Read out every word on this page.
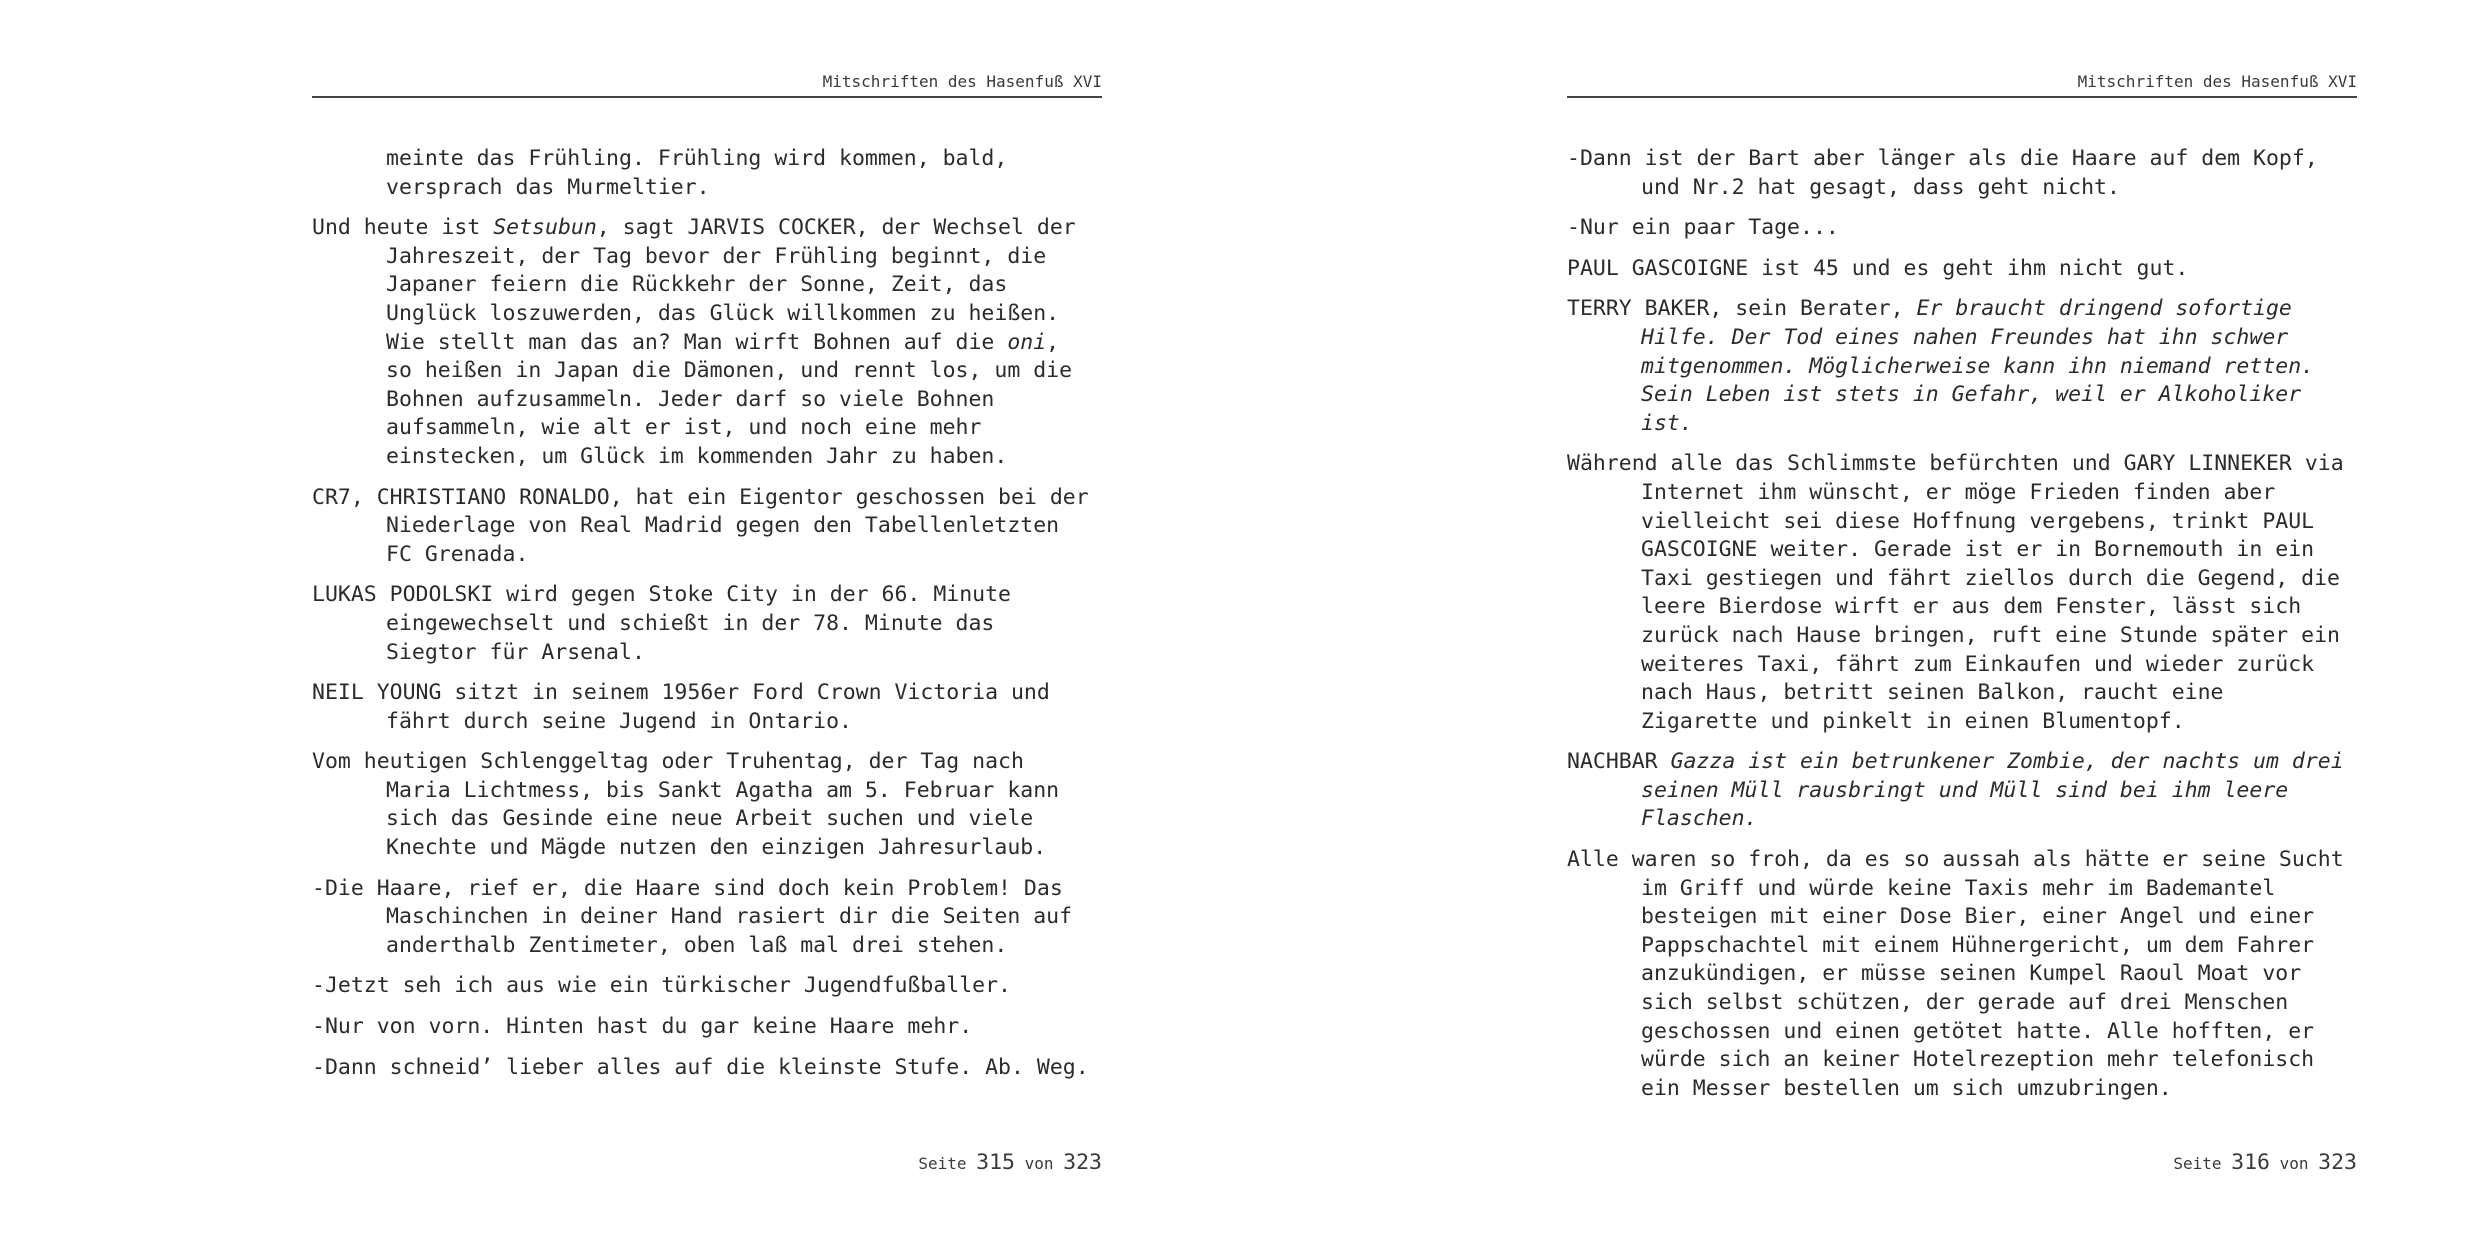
Mitschriften des Hasenfuß XVI

meinte das Frühling. Frühling wird kommen, bald,
versprach das Murmeltier.

Und heute ist Setsubun, sagt JARVIS COCKER, der Wechsel der
Jahreszeit, der Tag bevor der Frühling beginnt, die
Japaner feiern die Rückkehr der Sonne, Zeit, das
Unglück loszuwerden, das Glück willkommen zu heißen.
Wie stellt man das an? Man wirft Bohnen auf die oni,
so heißen in Japan die Dämonen, und rennt los, um die
Bohnen aufzusammeln. Jeder darf so viele Bohnen
aufsammeln, wie alt er ist, und noch eine mehr
einstecken, um Glück im kommenden Jahr zu haben.

CR7, CHRISTIANO RONALDO, hat ein Eigentor geschossen bei der
Niederlage von Real Madrid gegen den Tabellenletzten
FC Grenada.

LUKAS PODOLSKI wird gegen Stoke City in der 66. Minute
eingewechselt und schießt in der 78. Minute das
Siegtor für Arsenal.

NEIL YOUNG sitzt in seinem 1956er Ford Crown Victoria und
fährt durch seine Jugend in Ontario.

Vom heutigen Schlenggeltag oder Truhentag, der Tag nach
Maria Lichtmess, bis Sankt Agatha am 5. Februar kann
sich das Gesinde eine neue Arbeit suchen und viele
Knechte und Mägde nutzen den einzigen Jahresurlaub.

-Die Haare, rief er, die Haare sind doch kein Problem! Das
Maschinchen in deiner Hand rasiert dir die Seiten auf
anderthalb Zentimeter, oben laß mal drei stehen.

-Jetzt seh ich aus wie ein türkischer Jugendfußballer.

-Nur von vorn. Hinten hast du gar keine Haare mehr.

-Dann schneid’ lieber alles auf die kleinste Stufe. Ab. Weg.

Seite 315 von 323
Mitschriften des Hasenfuß XVI

-Dann ist der Bart aber länger als die Haare auf dem Kopf,
und Nr.2 hat gesagt, dass geht nicht.

-Nur ein paar Tage...

PAUL GASCOIGNE ist 45 und es geht ihm nicht gut.

TERRY BAKER, sein Berater, Er braucht dringend sofortige
Hilfe. Der Tod eines nahen Freundes hat ihn schwer
mitgenommen. Möglicherweise kann ihn niemand retten.
Sein Leben ist stets in Gefahr, weil er Alkoholiker
ist.

Während alle das Schlimmste befürchten und GARY LINNEKER via
Internet ihm wünscht, er möge Frieden finden aber
vielleicht sei diese Hoffnung vergebens, trinkt PAUL
GASCOIGNE weiter. Gerade ist er in Bornemouth in ein
Taxi gestiegen und fährt ziellos durch die Gegend, die
leere Bierdose wirft er aus dem Fenster, lässt sich
zurück nach Hause bringen, ruft eine Stunde später ein
weiteres Taxi, fährt zum Einkaufen und wieder zurück
nach Haus, betritt seinen Balkon, raucht eine
Zigarette und pinkelt in einen Blumentopf.

NACHBAR Gazza ist ein betrunkener Zombie, der nachts um drei
seinen Müll rausbringt und Müll sind bei ihm leere
Flaschen.

Alle waren so froh, da es so aussah als hätte er seine Sucht
im Griff und würde keine Taxis mehr im Bademantel
besteigen mit einer Dose Bier, einer Angel und einer
Pappschachtel mit einem Hühnergericht, um dem Fahrer
anzukündigen, er müsse seinen Kumpel Raoul Moat vor
sich selbst schützen, der gerade auf drei Menschen
geschossen und einen getötet hatte. Alle hofften, er
würde sich an keiner Hotelrezeption mehr telefonisch
ein Messer bestellen um sich umzubringen.

Seite 316 von 323
